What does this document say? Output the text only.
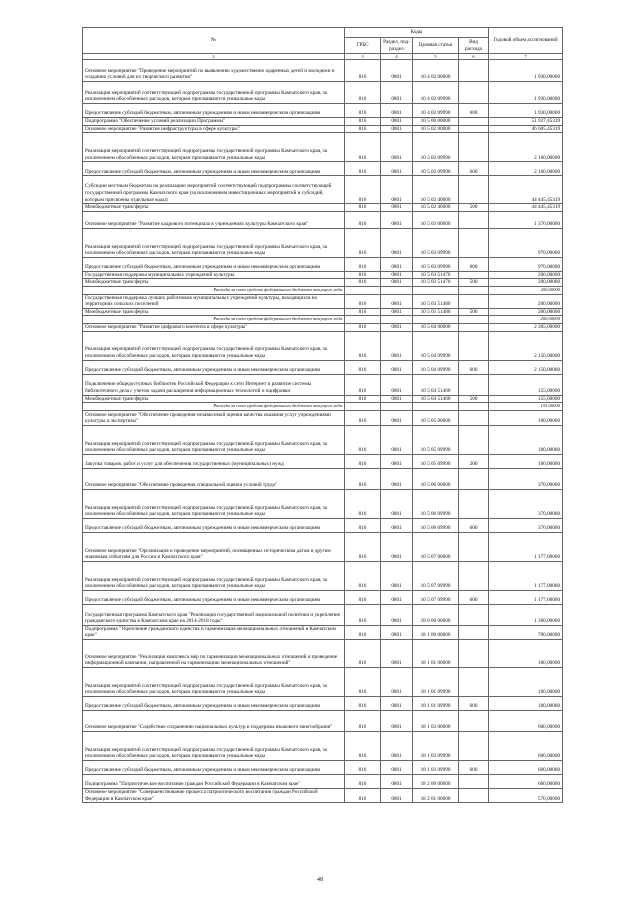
№	Коды				Годовой объем ассигнований
	ГРБС	Раздел, под-раздел	Целевая статья	Вид расхода	
2	3	4	5	6	7
Основное мероприятие "Проведение мероприятий по выявлению художественно одаренных детей и молодежи и созданию условий для их творческого развития"	816	0801	10 4 02 00000		1 930,00000
Реализация мероприятий соответствующей подпрограммы государственной программы Камчатского края, за исключением обособленных расходов, которым присваиваются уникальные коды	816	0801	10 4 02 09990		1 930,00000
Предоставление субсидий бюджетным, автономным учреждениям и иным некоммерческим организациям	816	0801	10 4 02 09990	600	1 930,00000
Подпрограмма "Обеспечение условий реализации Программы"	816	0801	10 5 00 00000		51 927,45319
Основное мероприятие "Развитие инфраструктуры в сфере культуры"	816	0801	10 5 02 00000		46 605,45319
Реализация мероприятий соответствующей подпрограммы государственной программы Камчатского края, за исключением обособленных расходов, которым присваиваются уникальные коды	816	0801	10 5 02 09990		2 160,00000
Предоставление субсидий бюджетным, автономным учреждениям и иным некоммерческим организациям	816	0801	10 5 02 09990	600	2 160,00000
Субсидии местным бюджетам на реализацию мероприятий соответствующей подпрограммы соответствующей государственной программы Камчатского края (за исключением инвестиционных мероприятий и субсидий, которым присвоены отдельные коды)	816	0801	10 5 02 40000		44 445,45319
Межбюджетные трансферты	816	0801	10 5 02 40000	500	44 445,45319
Основное мероприятие "Развитие кадрового потенциала в учреждениях культуры Камчатского края"	816	0801	10 5 03 00000		1 370,00000
Реализация мероприятий соответствующей подпрограммы государственной программы Камчатского края, за исключением обособленных расходов, которым присваиваются уникальные коды	816	0801	10 5 03 09990		970,00000
Предоставление субсидий бюджетным, автономным учреждениям и иным некоммерческим организациям	816	0801	10 5 03 09990	600	970,00000
Государственная поддержка муниципальных учреждений культуры	816	0801	10 5 03 51470		200,00000
Межбюджетные трансферты	816	0801	10 5 03 51470	500	200,00000
Расходы за счет средств федерального бюджета текущего года					200,00000
Государственная поддержка лучших работников муниципальных учреждений культуры, находящихся на территориях сельских поселений	816	0801	10 5 03 51480		200,00000
Межбюджетные трансферты	816	0801	10 5 03 51480	500	200,00000
Расходы за счет средств федерального бюджета текущего года					200,00000
Основное мероприятие "Развитие цифрового контента в сфере культуры"	816	0801	10 5 04 00000		2 305,00000
Реализация мероприятий соответствующей подпрограммы государственной программы Камчатского края, за исключением обособленных расходов, которым присваиваются уникальные коды	816	0801	10 5 04 09990		2 150,00000
Предоставление субсидий бюджетным, автономным учреждениям и иным некоммерческим организациям	816	0801	10 5 04 09990	600	2 150,00000
Подключение общедоступных библиотек Российской Федерации к сети Интернет и развитие системы библиотечного дела с учетом задачи расширения информационных технологий и оцифровки	816	0801	10 5 04 51460		155,00000
Межбюджетные трансферты	816	0801	10 5 04 51460	500	155,00000
Расходы за счет средств федерального бюджета текущего года					155,00000
Основное мероприятие "Обеспечение проведения независимой оценки качества оказания услуг учреждениями культуры и экспертизы"	816	0801	10 5 05 00000		100,00000
Реализация мероприятий соответствующей подпрограммы государственной программы Камчатского края, за исключением обособленных расходов, которым присваиваются уникальные коды	816	0801	10 5 05 09990		100,00000
Закупка товаров, работ и услуг для обеспечения государственных (муниципальных) нужд	816	0801	10 5 05 09990	200	100,00000
Основное мероприятие "Обеспечение проведения специальной оценки условий труда"	816	0801	10 5 06 00000		370,00000
Реализация мероприятий соответствующей подпрограммы государственной программы Камчатского края, за исключением обособленных расходов, которым присваиваются уникальные коды	816	0801	10 5 06 09990		370,00000
Предоставление субсидий бюджетным, автономным учреждениям и иным некоммерческим организациям	816	0801	10 5 06 09990	600	370,00000
Основное мероприятие "Организация и проведение мероприятий, посвященных историческим датам и другим значимым событиям для России и Камчатского края"	816	0801	10 5 07 00000		1 177,00000
Реализация мероприятий соответствующей подпрограммы государственной программы Камчатского края, за исключением обособленных расходов, которым присваиваются уникальные коды	816	0801	10 5 07 09990		1 177,00000
Предоставление субсидий бюджетным, автономным учреждениям и иным некоммерческим организациям	816	0801	10 5 07 09990	600	1 177,00000
Государственная программа Камчатского края "Реализация государственной национальной политики и укрепление гражданского единства в Камчатском крае на 2014-2018 годы"	816	0801	18 0 00 00000		1 360,00000
Подпрограмма "Укрепление гражданского единства и гармонизация межнациональных отношений в Камчатском крае"	816	0801	18 1 00 00000		700,00000
Основное мероприятие "Реализация комплекса мер по гармонизации межнациональных отношений и проведение информационной кампании, направленной на гармонизацию межнациональных отношений"	816	0801	18 1 01 00000		100,00000
Реализация мероприятий соответствующей подпрограммы государственной программы Камчатского края, за исключением обособленных расходов, которым присваиваются уникальные коды	816	0801	18 1 01 09990		100,00000
Предоставление субсидий бюджетным, автономным учреждениям и иным некоммерческим организациям	816	0801	18 1 01 09990	600	100,00000
Основное мероприятие "Содействие сохранению национальных культур и поддержка языкового многообразия"	816	0801	18 1 03 00000		600,00000
Реализация мероприятий соответствующей подпрограммы государственной программы Камчатского края, за исключением обособленных расходов, которым присваиваются уникальные коды	816	0801	18 1 03 09990		600,00000
Предоставление субсидий бюджетным, автономным учреждениям и иным некоммерческим организациям	816	0801	18 1 03 09990	600	600,00000
Подпрограмма "Патриотическое воспитание граждан Российской Федерации в Камчатском крае"	816	0801	18 2 00 00000		660,00000
Основное мероприятие "Совершенствование процесса патриотического воспитания граждан Российской Федерации в Камчатском крае"	816	0801	18 2 01 00000		570,00000
48
